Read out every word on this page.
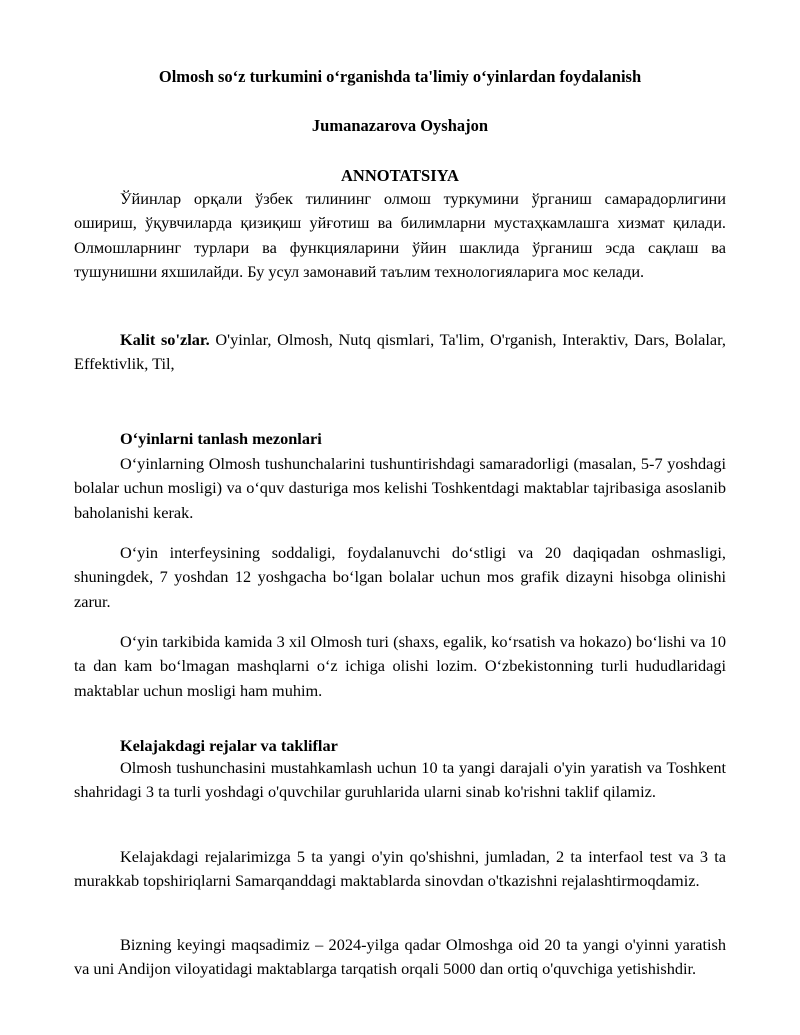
Olmosh so‘z turkumini o‘rganishda ta'limiy o‘yinlardan foydalanish
Jumanazarova Oyshajon
ANNOTATSIYA
Ўйинлар орқали ўзбек тилининг олмош туркумини ўрганиш самарадорлигини ошириш, ўқувчиларда қизиқиш уйғотиш ва билимларни мустаҳкамлашга хизмат қилади. Олмошларнинг турлари ва функцияларини ўйин шаклида ўрганиш эсда сақлаш ва тушунишни яхшилайди. Бу усул замонавий таълим технологияларига мос келади.
Kalit so'zlar. O'yinlar, Olmosh, Nutq qismlari, Ta'lim, O'rganish, Interaktiv, Dars, Bolalar, Effektivlik, Til,
O‘yinlarni tanlash mezonlari
O‘yinlarning Olmosh tushunchalarini tushuntirishdagi samaradorligi (masalan, 5-7 yoshdagi bolalar uchun mosligi) va o‘quv dasturiga mos kelishi Toshkentdagi maktablar tajribasiga asoslanib baholanishi kerak.
O‘yin interfeysining soddaligi, foydalanuvchi do‘stligi va 20 daqiqadan oshmasligi, shuningdek, 7 yoshdan 12 yoshgacha bo‘lgan bolalar uchun mos grafik dizayni hisobga olinishi zarur.
O‘yin tarkibida kamida 3 xil Olmosh turi (shaxs, egalik, ko‘rsatish va hokazo) bo‘lishi va 10 ta dan kam bo‘lmagan mashqlarni o‘z ichiga olishi lozim. O‘zbekistonning turli hududlaridagi maktablar uchun mosligi ham muhim.
Kelajakdagi rejalar va takliflar
Olmosh tushunchasini mustahkamlash uchun 10 ta yangi darajali o'yin yaratish va Toshkent shahridagi 3 ta turli yoshdagi o'quvchilar guruhlarida ularni sinab ko'rishni taklif qilamiz.
Kelajakdagi rejalarimizga 5 ta yangi o'yin qo'shishni, jumladan, 2 ta interfaol test va 3 ta murakkab topshiriqlarni Samarqanddagi maktablarda sinovdan o'tkazishni rejalashtirmoqdamiz.
Bizning keyingi maqsadimiz – 2024-yilga qadar Olmoshga oid 20 ta yangi o'yinni yaratish va uni Andijon viloyatidagi maktablarga tarqatish orqali 5000 dan ortiq o'quvchiga yetishishdir.
